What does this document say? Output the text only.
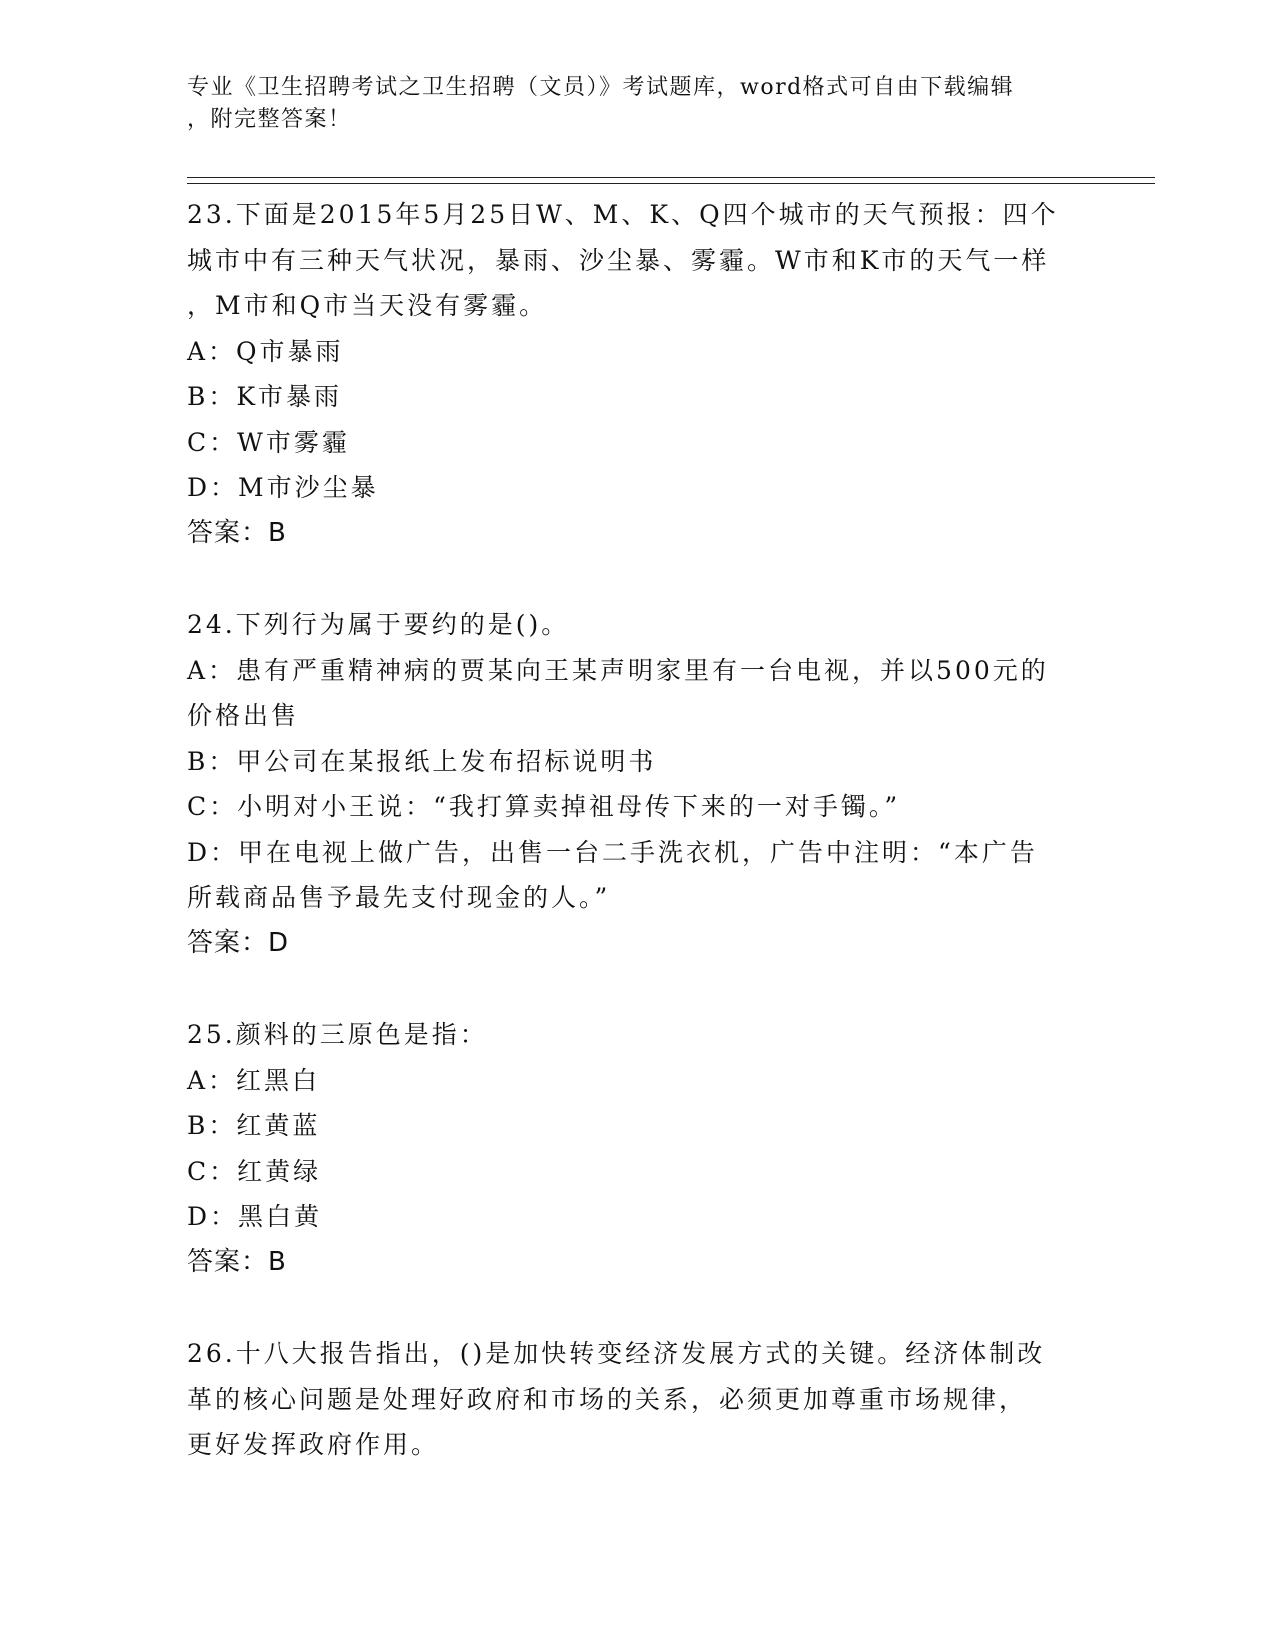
专业《卫生招聘考试之卫生招聘（文员）》考试题库，word格式可自由下载编辑
，附完整答案！
23.下面是2015年5月25日W、M、K、Q四个城市的天气预报：四个
城市中有三种天气状况，暴雨、沙尘暴、雾霾。W市和K市的天气一样
，M市和Q市当天没有雾霾。
A：Q市暴雨
B：K市暴雨
C：W市雾霾
D：M市沙尘暴
答案：B
24.下列行为属于要约的是()。
A：患有严重精神病的贾某向王某声明家里有一台电视，并以500元的
价格出售
B：甲公司在某报纸上发布招标说明书
C：小明对小王说：“我打算卖掉祖母传下来的一对手镯。”
D：甲在电视上做广告，出售一台二手洗衣机，广告中注明：“本广告
所载商品售予最先支付现金的人。”
答案：D
25.颜料的三原色是指：
A：红黑白
B：红黄蓝
C：红黄绿
D：黑白黄
答案：B
26.十八大报告指出，()是加快转变经济发展方式的关键。经济体制改
革的核心问题是处理好政府和市场的关系，必须更加尊重市场规律，
更好发挥政府作用。
